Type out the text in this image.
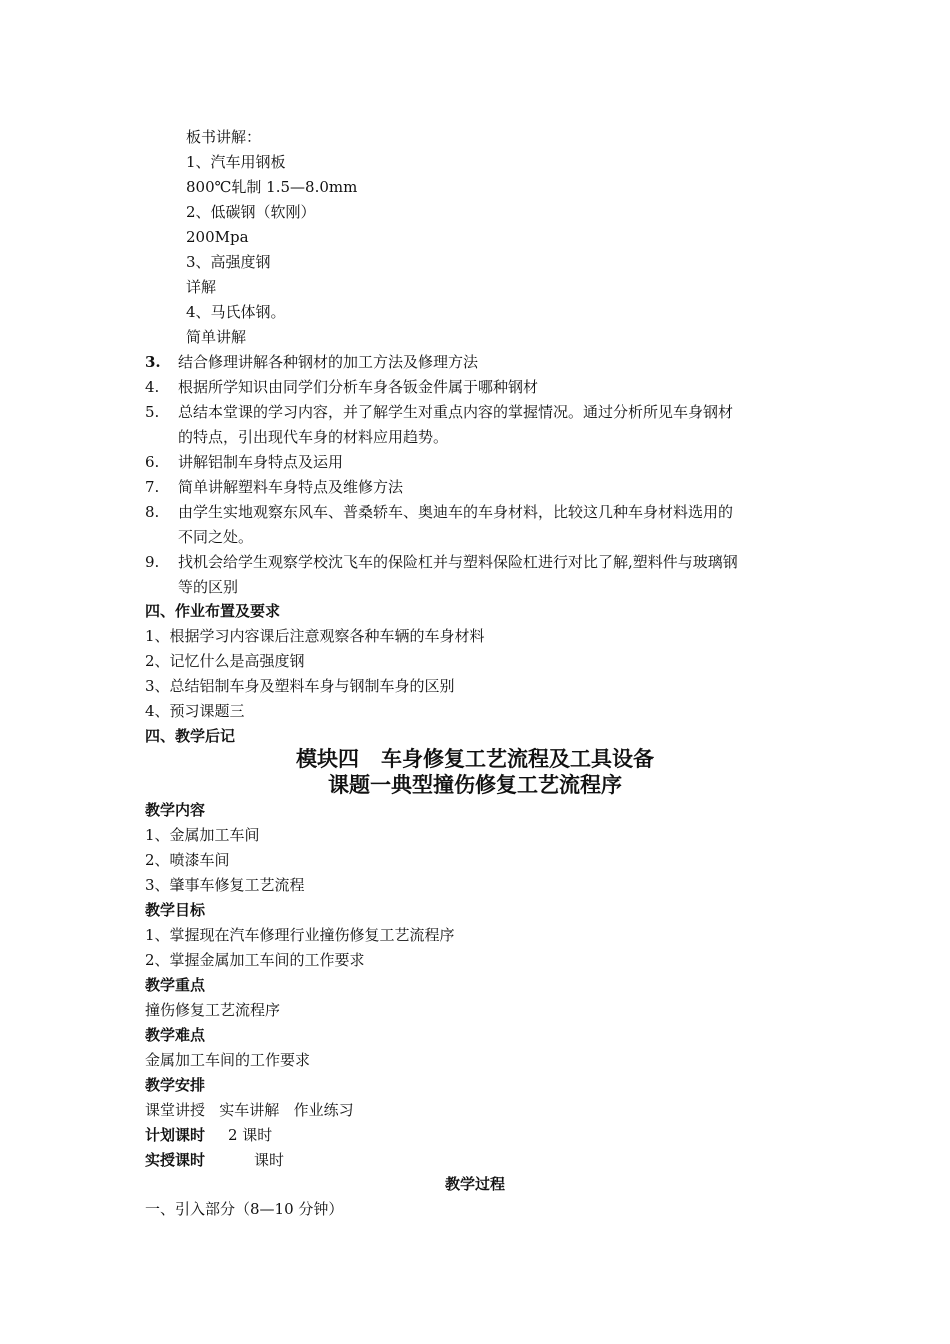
板书讲解：
1、汽车用钢板
800℃轧制 1.5—8.0mm
2、低碳钢（软刚）
200Mpa
3、高强度钢
详解
4、马氏体钢。
简单讲解
3. 结合修理讲解各种钢材的加工方法及修理方法
4. 根据所学知识由同学们分析车身各钣金件属于哪种钢材
5. 总结本堂课的学习内容，并了解学生对重点内容的掌握情况。通过分析所见车身钢材
的特点，引出现代车身的材料应用趋势。
6. 讲解铝制车身特点及运用
7. 简单讲解塑料车身特点及维修方法
8. 由学生实地观察东风车、普桑轿车、奥迪车的车身材料，比较这几种车身材料选用的
不同之处。
9. 找机会给学生观察学校沈飞车的保险杠并与塑料保险杠进行对比了解,塑料件与玻璃钢
等的区别
四、作业布置及要求
1、根据学习内容课后注意观察各种车辆的车身材料
2、记忆什么是高强度钢
3、总结铝制车身及塑料车身与钢制车身的区别
4、预习课题三
四、教学后记
模块四   车身修复工艺流程及工具设备
课题一典型撞伤修复工艺流程序
教学内容
1、金属加工车间
2、喷漆车间
3、肇事车修复工艺流程
教学目标
1、掌握现在汽车修理行业撞伤修复工艺流程序
2、掌握金属加工车间的工作要求
教学重点
撞伤修复工艺流程序
教学难点
金属加工车间的工作要求
教学安排
课堂讲授   实车讲解   作业练习
计划课时 2 课时
实授课时	课时
教学过程
一、引入部分（8—10 分钟）
